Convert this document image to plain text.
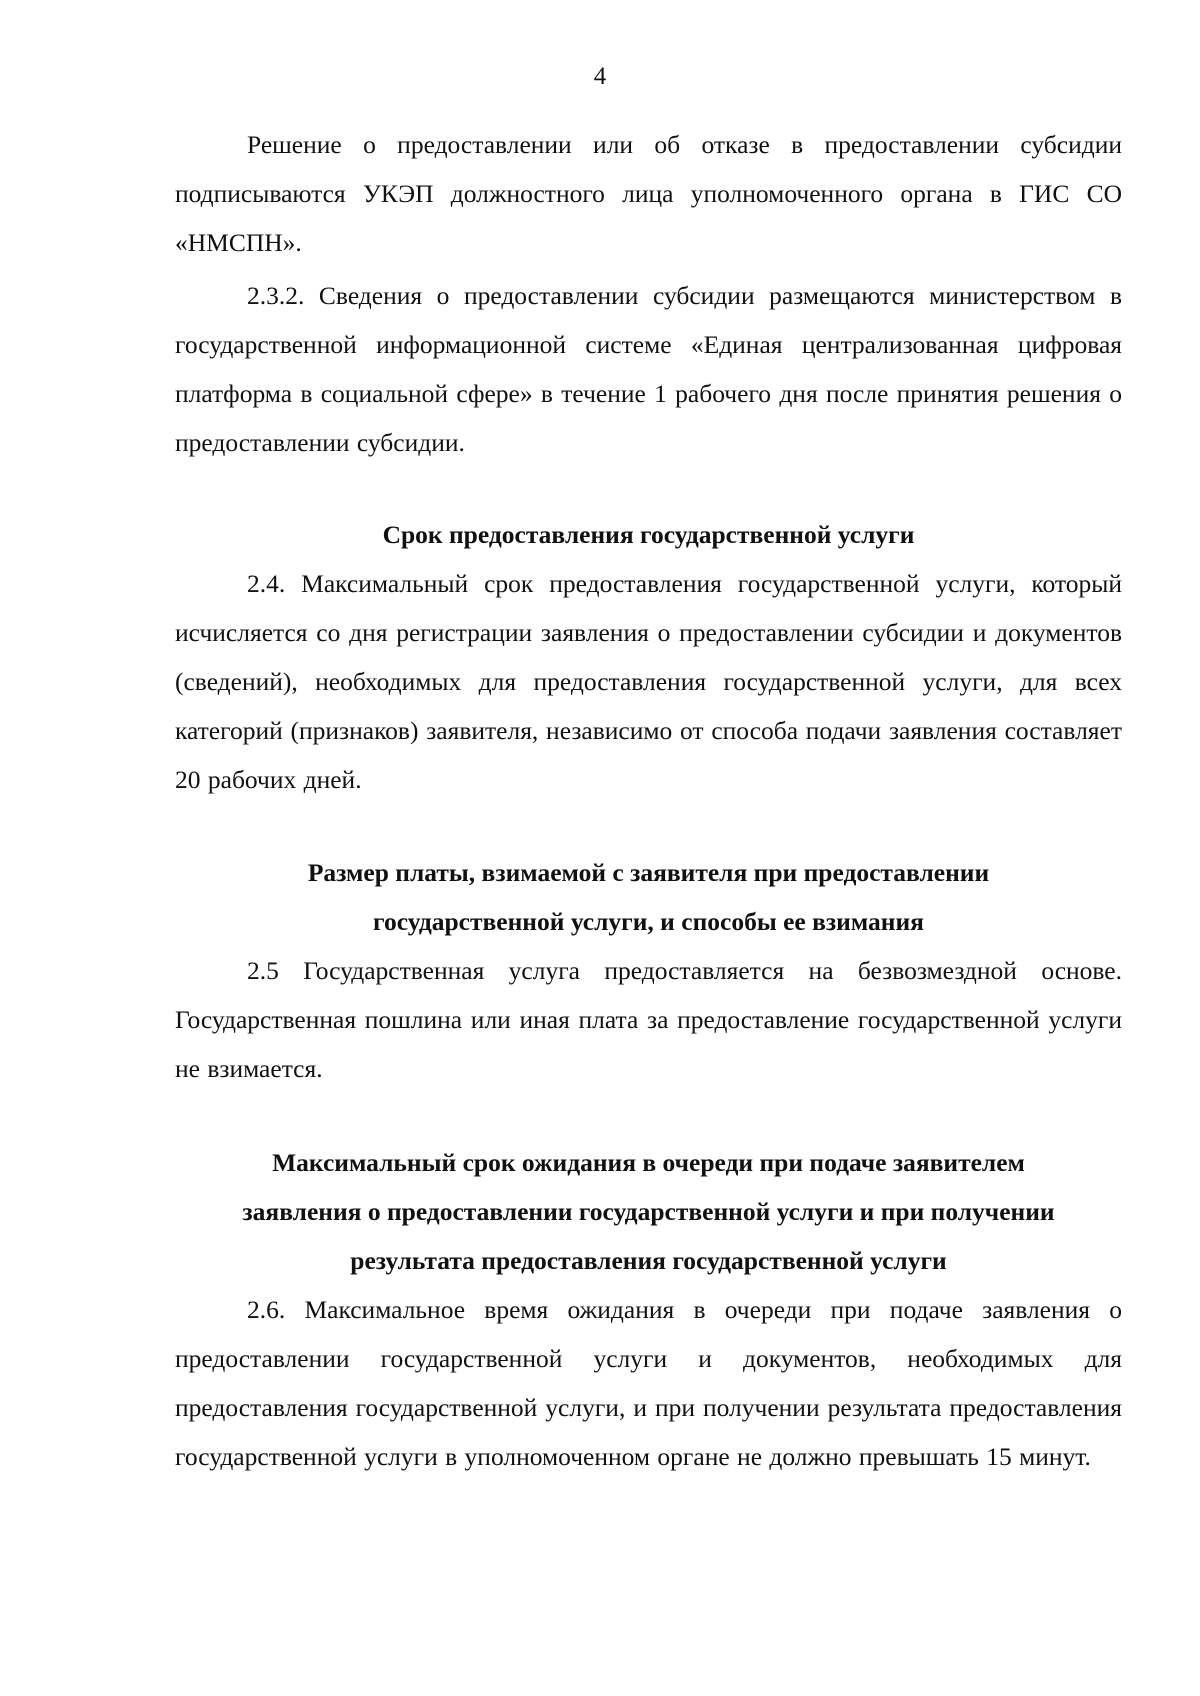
4

Решение о предоставлении или об отказе в предоставлении субсидии подписываются УКЭП должностного лица уполномоченного органа в ГИС СО «НМСПН».

2.3.2. Сведения о предоставлении субсидии размещаются министерством в государственной информационной системе «Единая централизованная цифровая платформа в социальной сфере» в течение 1 рабочего дня после принятия решения о предоставлении субсидии.

Срок предоставления государственной услуги

2.4. Максимальный срок предоставления государственной услуги, который исчисляется со дня регистрации заявления о предоставлении субсидии и документов (сведений), необходимых для предоставления государственной услуги, для всех категорий (признаков) заявителя, независимо от способа подачи заявления составляет 20 рабочих дней.

Размер платы, взимаемой с заявителя при предоставлении
государственной услуги, и способы ее взимания

2.5 Государственная услуга предоставляется на безвозмездной основе. Государственная пошлина или иная плата за предоставление государственной услуги не взимается.

Максимальный срок ожидания в очереди при подаче заявителем
заявления о предоставлении государственной услуги и при получении
результата предоставления государственной услуги

2.6. Максимальное время ожидания в очереди при подаче заявления о предоставлении государственной услуги и документов, необходимых для предоставления государственной услуги, и при получении результата предоставления государственной услуги в уполномоченном органе не должно превышать 15 минут.
